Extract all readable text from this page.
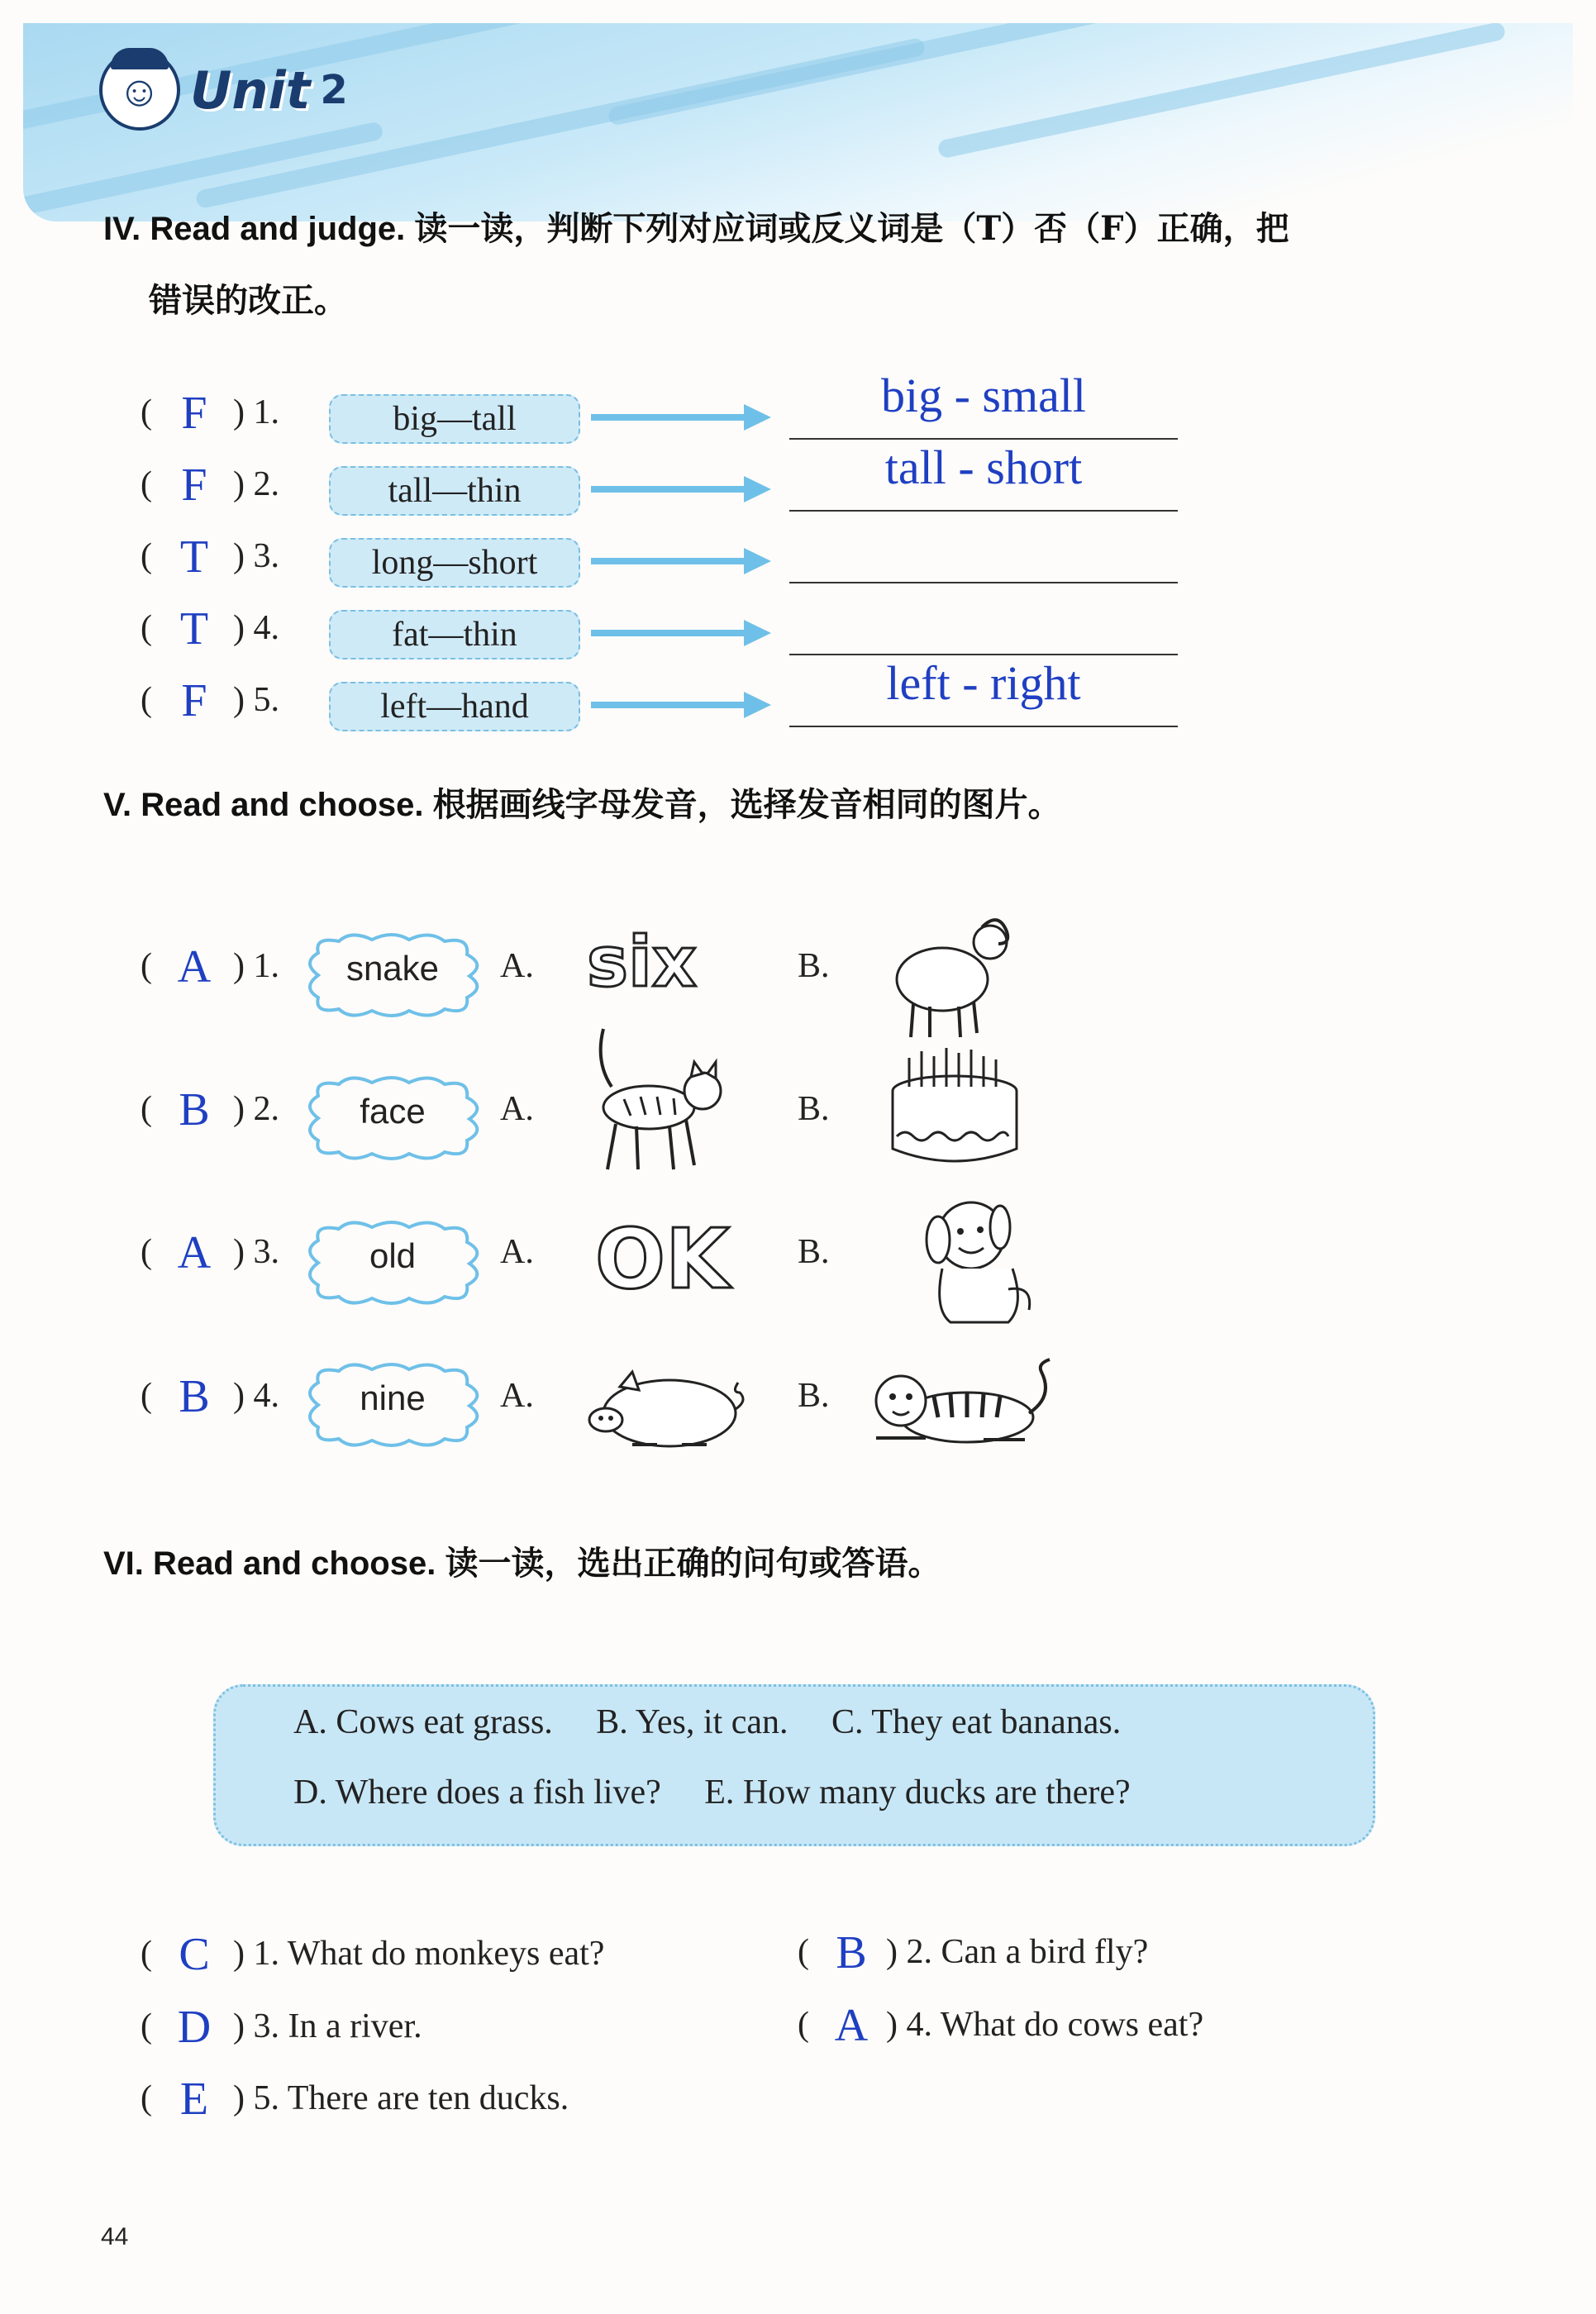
☺
Unit 2
IV. Read and judge. 读一读，判断下列对应词或反义词是（T）否（F）正确，把
错误的改正。
( F ) 1.	big—tall	big - small
( F ) 2.	tall—thin	tall - short
( T ) 3.	long—short
( T ) 4.	fat—thin
( F ) 5.	left—hand	left - right
V. Read and choose. 根据画线字母发音，选择发音相同的图片。
( A ) 1.	snake	A. six	B.
( B ) 2.	face	A.	B.
( A ) 3.	old	A. OK B.
( B ) 4.	nine	A.	B.
VI. Read and choose. 读一读，选出正确的问句或答语。
A. Cows eat grass.     B. Yes, it can.     C. They eat bananas.
D. Where does a fish live?     E. How many ducks are there?
( C ) 1. What do monkeys eat?	( B ) 2. Can a bird fly?
( D ) 3. In a river.	( A ) 4. What do cows eat?
( E ) 5. There are ten ducks.
44
